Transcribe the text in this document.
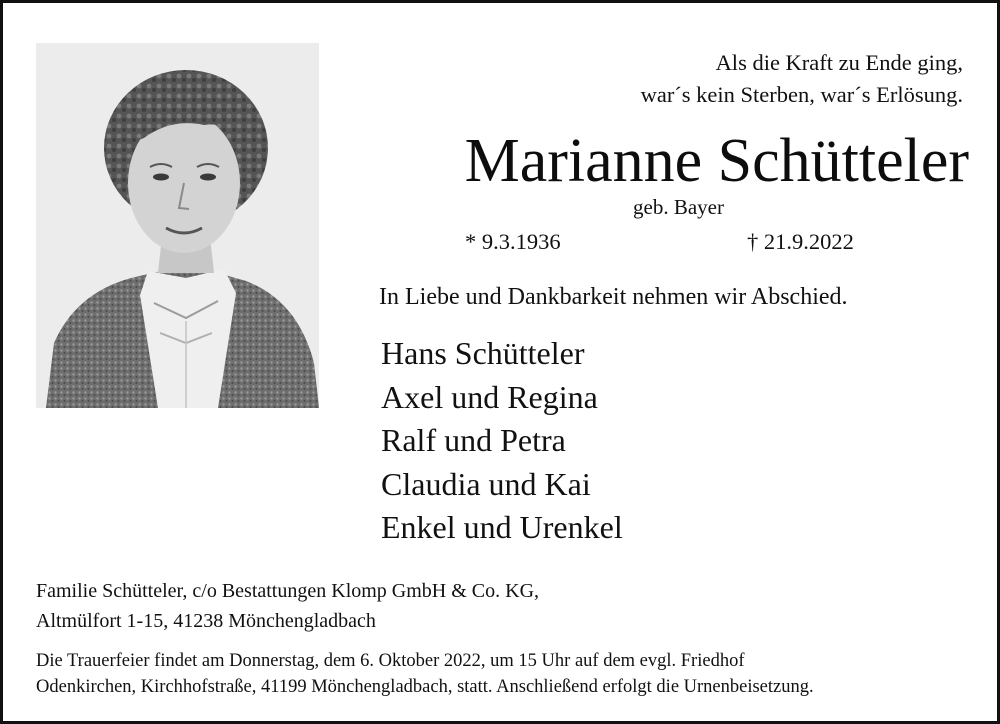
Als die Kraft zu Ende ging,
war´s kein Sterben, war´s Erlösung.
Marianne Schütteler
geb. Bayer
* 9.3.1936	† 21.9.2022
In Liebe und Dankbarkeit nehmen wir Abschied.
Hans Schütteler
Axel und Regina
Ralf und Petra
Claudia und Kai
Enkel und Urenkel
Familie Schütteler, c/o Bestattungen Klomp GmbH & Co. KG,
Altmülfort 1-15, 41238 Mönchengladbach
Die Trauerfeier findet am Donnerstag, dem 6. Oktober 2022, um 15 Uhr auf dem evgl. Friedhof
Odenkirchen, Kirchhofstraße, 41199 Mönchengladbach, statt. Anschließend erfolgt die Urnenbeisetzung.
